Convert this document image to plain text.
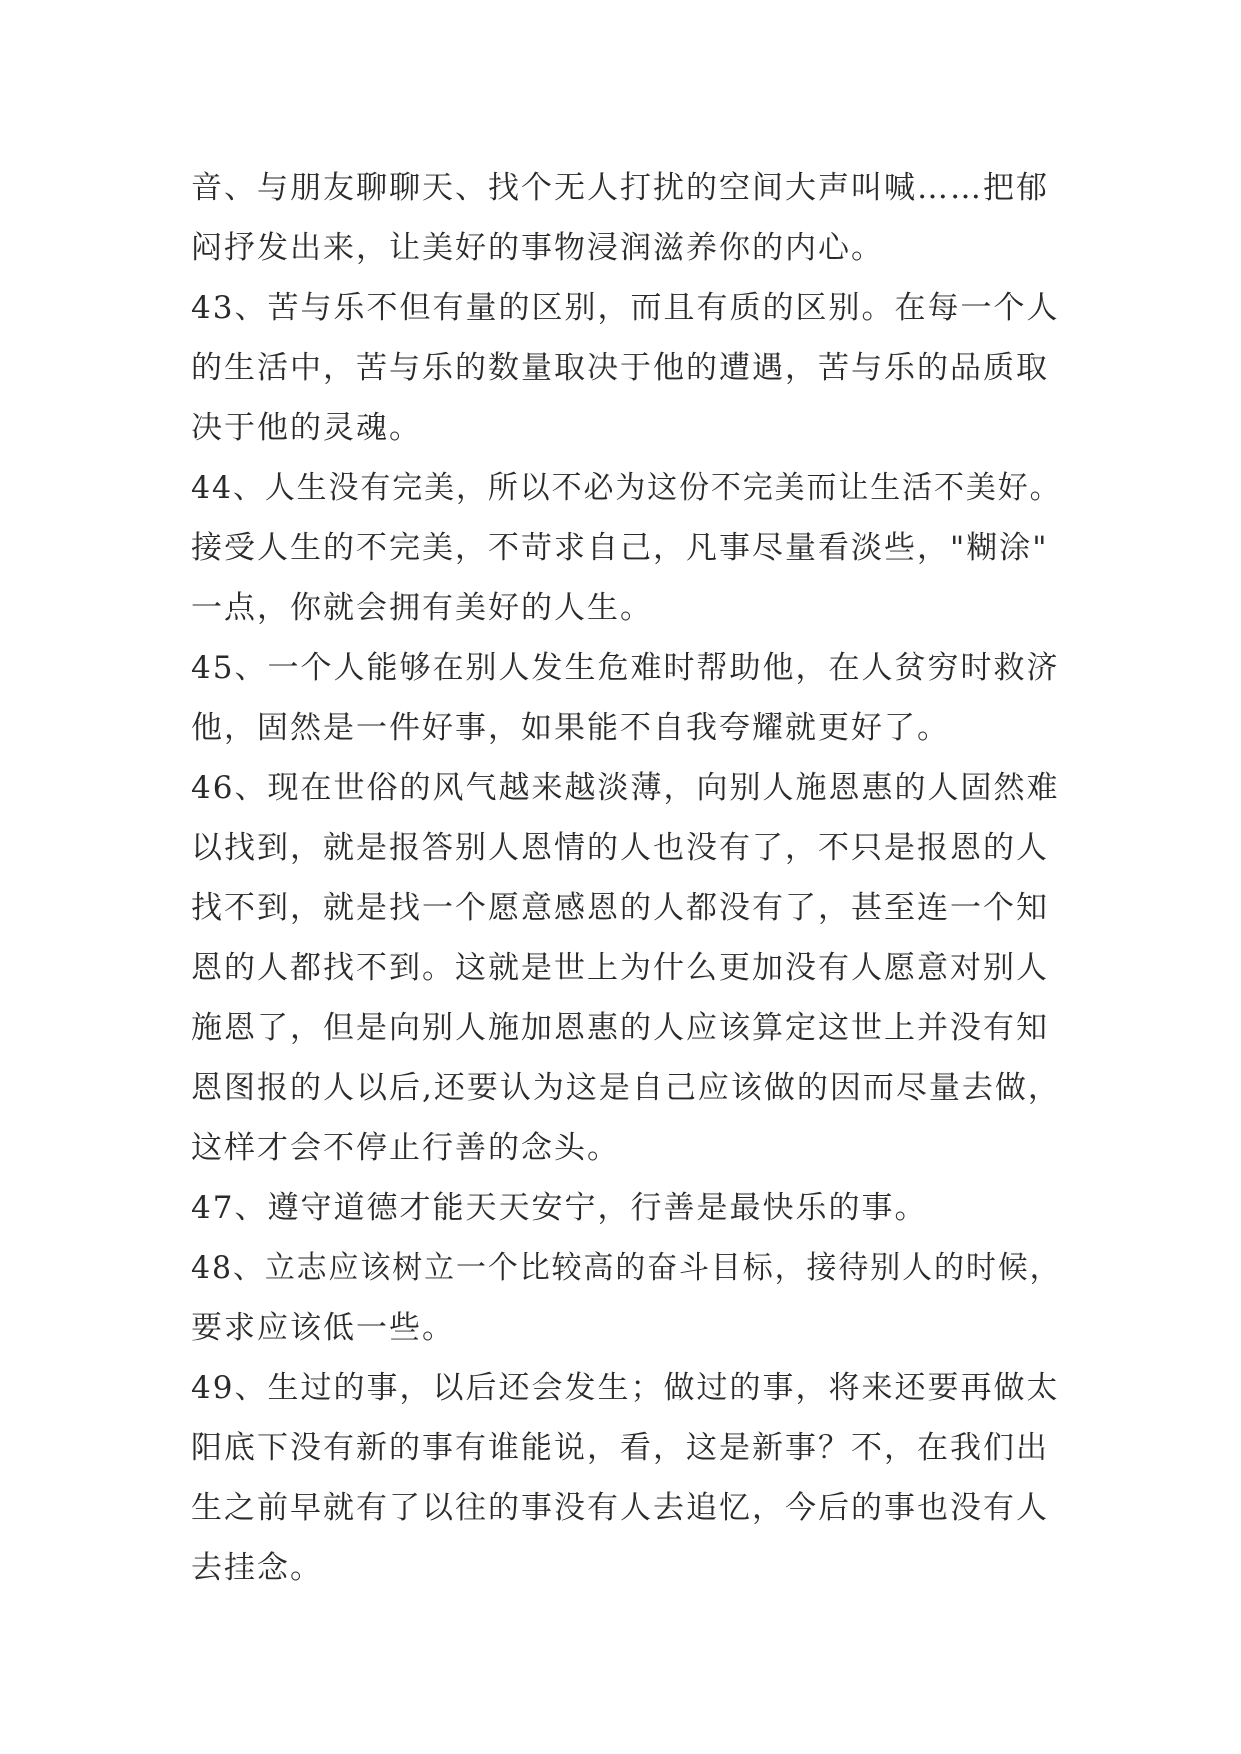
音、与朋友聊聊天、找个无人打扰的空间大声叫喊……把郁
闷抒发出来，让美好的事物浸润滋养你的内心。
43、苦与乐不但有量的区别，而且有质的区别。在每一个人
的生活中，苦与乐的数量取决于他的遭遇，苦与乐的品质取
决于他的灵魂。
44、人生没有完美，所以不必为这份不完美而让生活不美好。
接受人生的不完美，不苛求自己，凡事尽量看淡些，"糊涂"
一点，你就会拥有美好的人生。
45、一个人能够在别人发生危难时帮助他，在人贫穷时救济
他，固然是一件好事，如果能不自我夸耀就更好了。
46、现在世俗的风气越来越淡薄，向别人施恩惠的人固然难
以找到，就是报答别人恩情的人也没有了，不只是报恩的人
找不到，就是找一个愿意感恩的人都没有了，甚至连一个知
恩的人都找不到。这就是世上为什么更加没有人愿意对别人
施恩了，但是向别人施加恩惠的人应该算定这世上并没有知
恩图报的人以后,还要认为这是自己应该做的因而尽量去做，
这样才会不停止行善的念头。
47、遵守道德才能天天安宁，行善是最快乐的事。
48、立志应该树立一个比较高的奋斗目标，接待别人的时候，
要求应该低一些。
49、生过的事，以后还会发生；做过的事，将来还要再做太
阳底下没有新的事有谁能说，看，这是新事？不，在我们出
生之前早就有了以往的事没有人去追忆，今后的事也没有人
去挂念。
